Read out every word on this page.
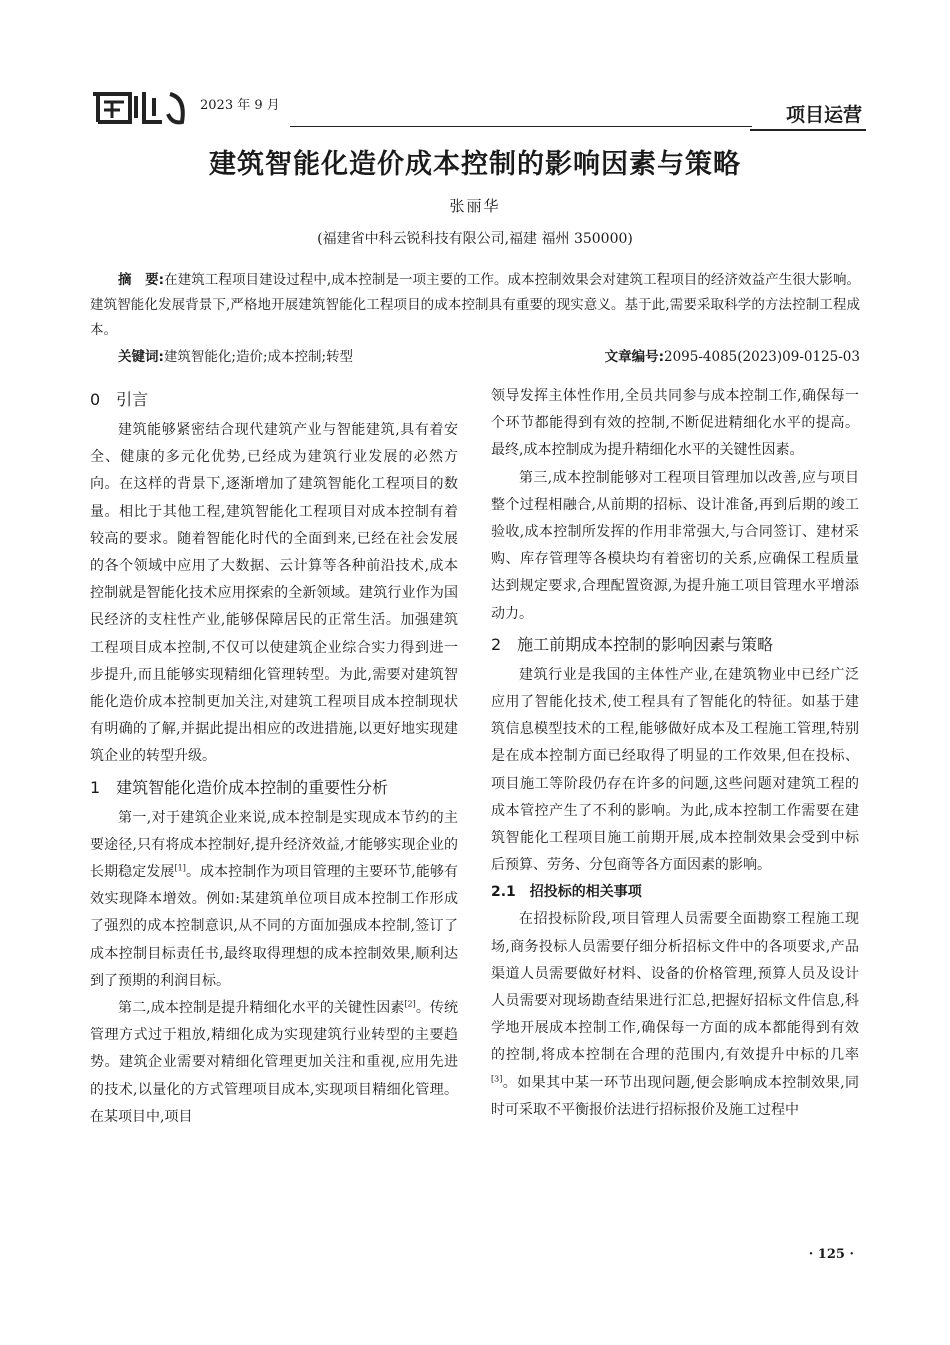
2023 年 9 月	项目运营
建筑智能化造价成本控制的影响因素与策略
张丽华
(福建省中科云锐科技有限公司,福建 福州 350000)
摘　要:在建筑工程项目建设过程中,成本控制是一项主要的工作。成本控制效果会对建筑工程项目的经济效益产生很大影响。建筑智能化发展背景下,严格地开展建筑智能化工程项目的成本控制具有重要的现实意义。基于此,需要采取科学的方法控制工程成本。
关键词:建筑智能化;造价;成本控制;转型	文章编号:2095-4085(2023)09-0125-03
0　引言

建筑能够紧密结合现代建筑产业与智能建筑,具有着安全、健康的多元化优势,已经成为建筑行业发展的必然方向。在这样的背景下,逐渐增加了建筑智能化工程项目的数量。相比于其他工程,建筑智能化工程项目对成本控制有着较高的要求。随着智能化时代的全面到来,已经在社会发展的各个领域中应用了大数据、云计算等各种前沿技术,成本控制就是智能化技术应用探索的全新领域。建筑行业作为国民经济的支柱性产业,能够保障居民的正常生活。加强建筑工程项目成本控制,不仅可以使建筑企业综合实力得到进一步提升,而且能够实现精细化管理转型。为此,需要对建筑智能化造价成本控制更加关注,对建筑工程项目成本控制现状有明确的了解,并据此提出相应的改进措施,以更好地实现建筑企业的转型升级。

1　建筑智能化造价成本控制的重要性分析

第一,对于建筑企业来说,成本控制是实现成本节约的主要途径,只有将成本控制好,提升经济效益,才能够实现企业的长期稳定发展[1]。成本控制作为项目管理的主要环节,能够有效实现降本增效。例如:某建筑单位项目成本控制工作形成了强烈的成本控制意识,从不同的方面加强成本控制,签订了成本控制目标责任书,最终取得理想的成本控制效果,顺利达到了预期的利润目标。

第二,成本控制是提升精细化水平的关键性因素[2]。传统管理方式过于粗放,精细化成为实现建筑行业转型的主要趋势。建筑企业需要对精细化管理更加关注和重视,应用先进的技术,以量化的方式管理项目成本,实现项目精细化管理。在某项目中,项目

领导发挥主体性作用,全员共同参与成本控制工作,确保每一个环节都能得到有效的控制,不断促进精细化水平的提高。最终,成本控制成为提升精细化水平的关键性因素。

第三,成本控制能够对工程项目管理加以改善,应与项目整个过程相融合,从前期的招标、设计准备,再到后期的竣工验收,成本控制所发挥的作用非常强大,与合同签订、建材采购、库存管理等各模块均有着密切的关系,应确保工程质量达到规定要求,合理配置资源,为提升施工项目管理水平增添动力。

2　施工前期成本控制的影响因素与策略

建筑行业是我国的主体性产业,在建筑物业中已经广泛应用了智能化技术,使工程具有了智能化的特征。如基于建筑信息模型技术的工程,能够做好成本及工程施工管理,特别是在成本控制方面已经取得了明显的工作效果,但在投标、项目施工等阶段仍存在许多的问题,这些问题对建筑工程的成本管控产生了不利的影响。为此,成本控制工作需要在建筑智能化工程项目施工前期开展,成本控制效果会受到中标后预算、劳务、分包商等各方面因素的影响。

2.1　招投标的相关事项

在招投标阶段,项目管理人员需要全面勘察工程施工现场,商务投标人员需要仔细分析招标文件中的各项要求,产品渠道人员需要做好材料、设备的价格管理,预算人员及设计人员需要对现场勘查结果进行汇总,把握好招标文件信息,科学地开展成本控制工作,确保每一方面的成本都能得到有效的控制,将成本控制在合理的范围内,有效提升中标的几率[3]。如果其中某一环节出现问题,便会影响成本控制效果,同时可采取不平衡报价法进行招标报价及施工过程中

· 125 ·
